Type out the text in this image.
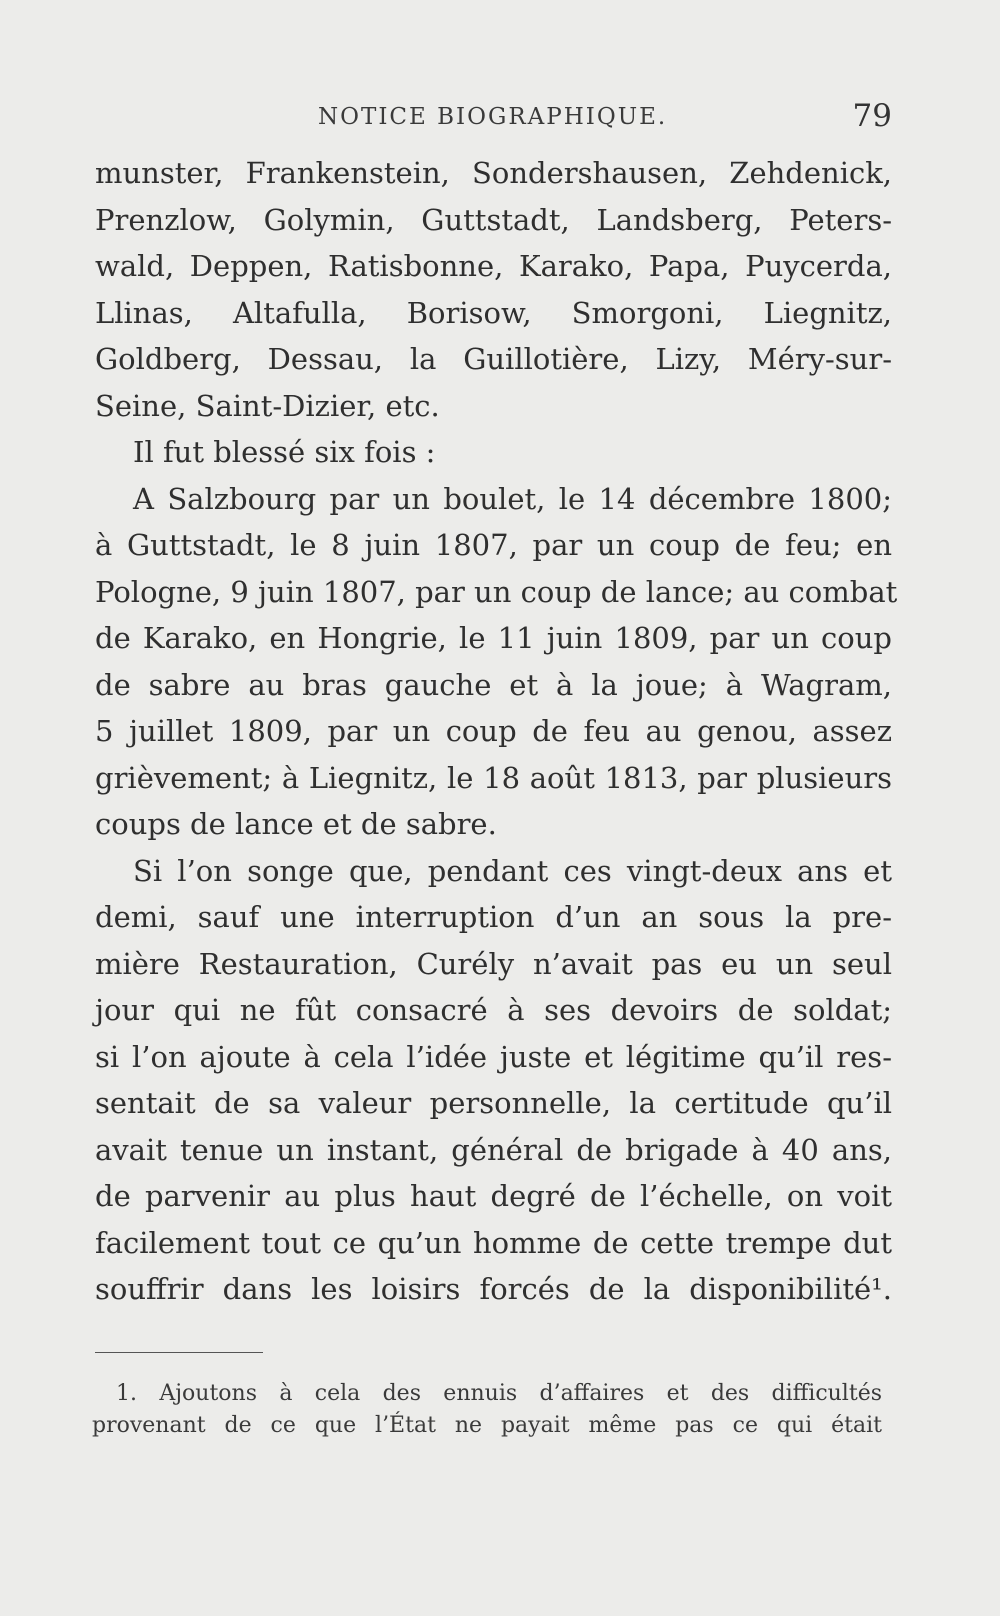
NOTICE BIOGRAPHIQUE.	79
munster, Frankenstein, Sondershausen, Zehdenick,
Prenzlow, Golymin, Guttstadt, Landsberg, Peters-
wald, Deppen, Ratisbonne, Karako, Papa, Puycerda,
Llinas, Altafulla, Borisow, Smorgoni, Liegnitz,
Goldberg, Dessau, la Guillotière, Lizy, Méry-sur-
Seine, Saint-Dizier, etc.
Il fut blessé six fois :
A Salzbourg par un boulet, le 14 décembre 1800;
à Guttstadt, le 8 juin 1807, par un coup de feu; en
Pologne, 9 juin 1807, par un coup de lance; au combat
de Karako, en Hongrie, le 11 juin 1809, par un coup
de sabre au bras gauche et à la joue; à Wagram,
5 juillet 1809, par un coup de feu au genou, assez
grièvement; à Liegnitz, le 18 août 1813, par plusieurs
coups de lance et de sabre.
Si l’on songe que, pendant ces vingt-deux ans et
demi, sauf une interruption d’un an sous la pre-
mière Restauration, Curély n’avait pas eu un seul
jour qui ne fût consacré à ses devoirs de soldat;
si l’on ajoute à cela l’idée juste et légitime qu’il res-
sentait de sa valeur personnelle, la certitude qu’il
avait tenue un instant, général de brigade à 40 ans,
de parvenir au plus haut degré de l’échelle, on voit
facilement tout ce qu’un homme de cette trempe dut
souffrir dans les loisirs forcés de la disponibilité¹.
1. Ajoutons à cela des ennuis d’affaires et des difficultés
provenant de ce que l’État ne payait même pas ce qui était
